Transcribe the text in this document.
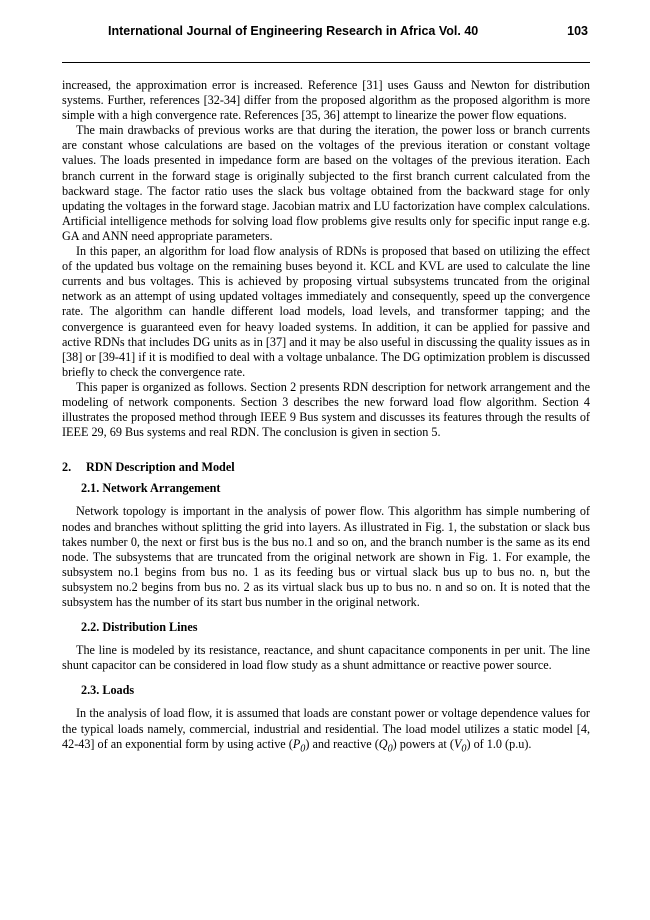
International Journal of Engineering Research in Africa Vol. 40	103

increased, the approximation error is increased. Reference [31] uses Gauss and Newton for distribution systems. Further, references [32-34] differ from the proposed algorithm as the proposed algorithm is more simple with a high convergence rate. References [35, 36] attempt to linearize the power flow equations.

The main drawbacks of previous works are that during the iteration, the power loss or branch currents are constant whose calculations are based on the voltages of the previous iteration or constant voltage values. The loads presented in impedance form are based on the voltages of the previous iteration. Each branch current in the forward stage is originally subjected to the first branch current calculated from the backward stage. The factor ratio uses the slack bus voltage obtained from the backward stage for only updating the voltages in the forward stage. Jacobian matrix and LU factorization have complex calculations. Artificial intelligence methods for solving load flow problems give results only for specific input range e.g. GA and ANN need appropriate parameters.

In this paper, an algorithm for load flow analysis of RDNs is proposed that based on utilizing the effect of the updated bus voltage on the remaining buses beyond it. KCL and KVL are used to calculate the line currents and bus voltages. This is achieved by proposing virtual subsystems truncated from the original network as an attempt of using updated voltages immediately and consequently, speed up the convergence rate. The algorithm can handle different load models, load levels, and transformer tapping; and the convergence is guaranteed even for heavy loaded systems. In addition, it can be applied for passive and active RDNs that includes DG units as in [37] and it may be also useful in discussing the quality issues as in [38] or [39-41] if it is modified to deal with a voltage unbalance. The DG optimization problem is discussed briefly to check the convergence rate.

This paper is organized as follows. Section 2 presents RDN description for network arrangement and the modeling of network components. Section 3 describes the new forward load flow algorithm. Section 4 illustrates the proposed method through IEEE 9 Bus system and discusses its features through the results of IEEE 29, 69 Bus systems and real RDN. The conclusion is given in section 5.

2. RDN Description and Model
2.1. Network Arrangement

Network topology is important in the analysis of power flow. This algorithm has simple numbering of nodes and branches without splitting the grid into layers. As illustrated in Fig. 1, the substation or slack bus takes number 0, the next or first bus is the bus no.1 and so on, and the branch number is the same as its end node. The subsystems that are truncated from the original network are shown in Fig. 1. For example, the subsystem no.1 begins from bus no. 1 as its feeding bus or virtual slack bus up to bus no. n, but the subsystem no.2 begins from bus no. 2 as its virtual slack bus up to bus no. n and so on. It is noted that the subsystem has the number of its start bus number in the original network.

2.2. Distribution Lines

The line is modeled by its resistance, reactance, and shunt capacitance components in per unit. The line shunt capacitor can be considered in load flow study as a shunt admittance or reactive power source.

2.3. Loads

In the analysis of load flow, it is assumed that loads are constant power or voltage dependence values for the typical loads namely, commercial, industrial and residential. The load model utilizes a static model [4, 42-43] of an exponential form by using active $(P_0)$ and reactive $(Q_0)$ powers at $(V_0)$ of 1.0 (p.u).
